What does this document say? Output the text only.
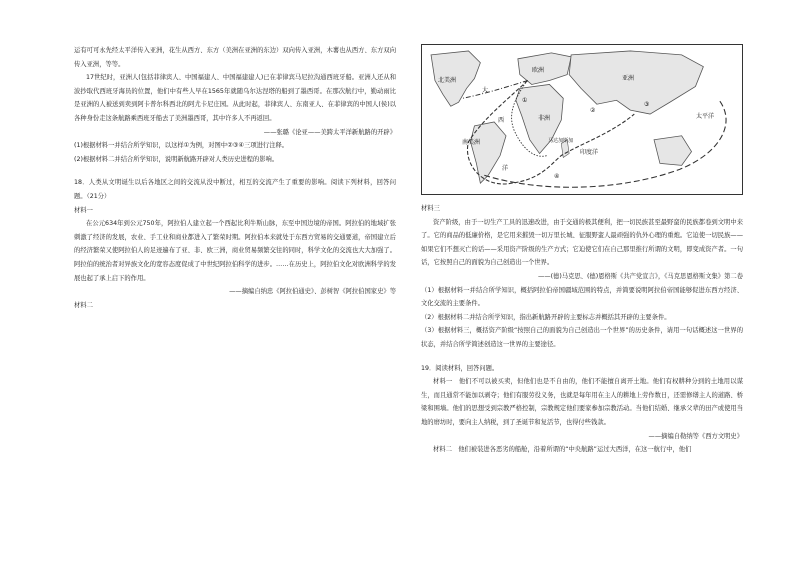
运有可可永先经太平洋传入亚洲，花生从西方、东方（美洲在亚洲的东边）双向传入亚洲，木薯也从西方、东方双向传入亚洲，等等。

17世纪时，亚洲人(包括菲律宾人、中国福建人、中国福建建人)已在菲律宾马尼拉沟通西班牙船。亚洲人还从和波抄取代西班牙海员的位置，他们中有些人早在1565年就随乌尔达涅塔的船到了墨西哥。在那次航行中，勤动雨比是亚洲的人被送到卖到阿卡普尔科西北的阿尤卡尼庄园。从此时起，菲律宾人、东南亚人、在菲律宾的中国人(侯)以各种身份走这条航路乘西班牙船去了美洲墨西哥，其中许多人不再返回。

——张璐《论亚——美跨太平洋新航路的开辟》

(1)根据材料一并结合所学知识，以这样①为例，对图中②③④三项进行注释。

(2)根据材料二并结合所学知识，说明新航路开辟对人类历史进程的影响。

18．人类从文明诞生以后各地区之间的交流从没中断过，相互的交流产生了重要的影响。阅读下列材料，回答问题。（21分）

材料一

在公元634年到公元750年，阿拉伯人建立起一个西起比利牛斯山脉，东至中国边境的帝国。阿拉伯的地域扩张刺激了经济的发展，农业、手工业和商业都进入了繁荣时期。阿拉伯本来就处于东西方贸易的交通要道，帝国建立后的经济繁荣又使阿拉伯人的足迹遍布了亚、非、欧三洲，商业贸易频繁交往的同时，科学文化的交流也大大加强了。阿拉伯的统治者对异族文化的宽容态度促成了中世纪阿拉伯科学的进步。……在历史上，阿拉伯文化对欧洲科学的发展也起了承上启下的作用。

——摘编自纳忠《阿拉伯通史》、彭树智《阿拉伯国家史》等

材料二

北美洲
大
欧洲
亚洲
太平洋
西	非洲
南美洲	马达加斯加
印度洋
洋
①
②
③
④

材料三

资产阶级，由于一切生产工具的迅速改进，由于交通的极其便利，把一切民族甚至最野蛮的民族都卷到文明中来了。它的商品的低廉价格，是它用来摧毁一切万里长城、征服野蛮人最顽强的仇外心理的重炮。它迫使一切民族——如果它们不想灭亡的话——采用资产阶级的生产方式；它迫使它们在自己那里推行所谓的文明，即变成资产者。一句话，它按照自己的面貌为自己创造出一个世界。

——(德)马克思、(德)恩格斯《共产党宣言》，《马克思恩格斯文集》第二卷

（1）根据材料一并结合所学知识，概括阿拉伯帝国疆域范围的特点，并简要说明阿拉伯帝国能够促进东西方经济、文化交流的主要条件。

（2）根据材料二并结合所学知识，指出新航路开辟的主要标志并概括其开辟的主要条件。

（3）根据材料三，概括资产阶级“按照自己的面貌为自己创造出一个世界”的历史条件，请用一句话概述这一世界的状态，并结合所学简述创造这一世界的主要途径。

19．阅读材料，回答问题。

材料一　他们不可以被买卖，但他们也是不自由的，他们不能擅自离开土地。他们有权耕种分到的土地用以谋生，而且通常不能加以剥夺；他们有服劳役义务，也就是每年用在主人的耕地上劳作数日，还需修缮主人的道路、桥梁和围墙。他们的思想受到宗教严格控制，宗教规定他们要家参加宗教活动。当他们结婚、继承父辈的田产或使用当地的磨坊时，要向主人纳税，到了圣诞节和复活节，也得付些钱款。

——摘编自勒纳等《西方文明史》

材料二　他们被装进各恶劣的船舱，沿着所谓的“中央航路”运过大西洋，在这一航行中，他们
